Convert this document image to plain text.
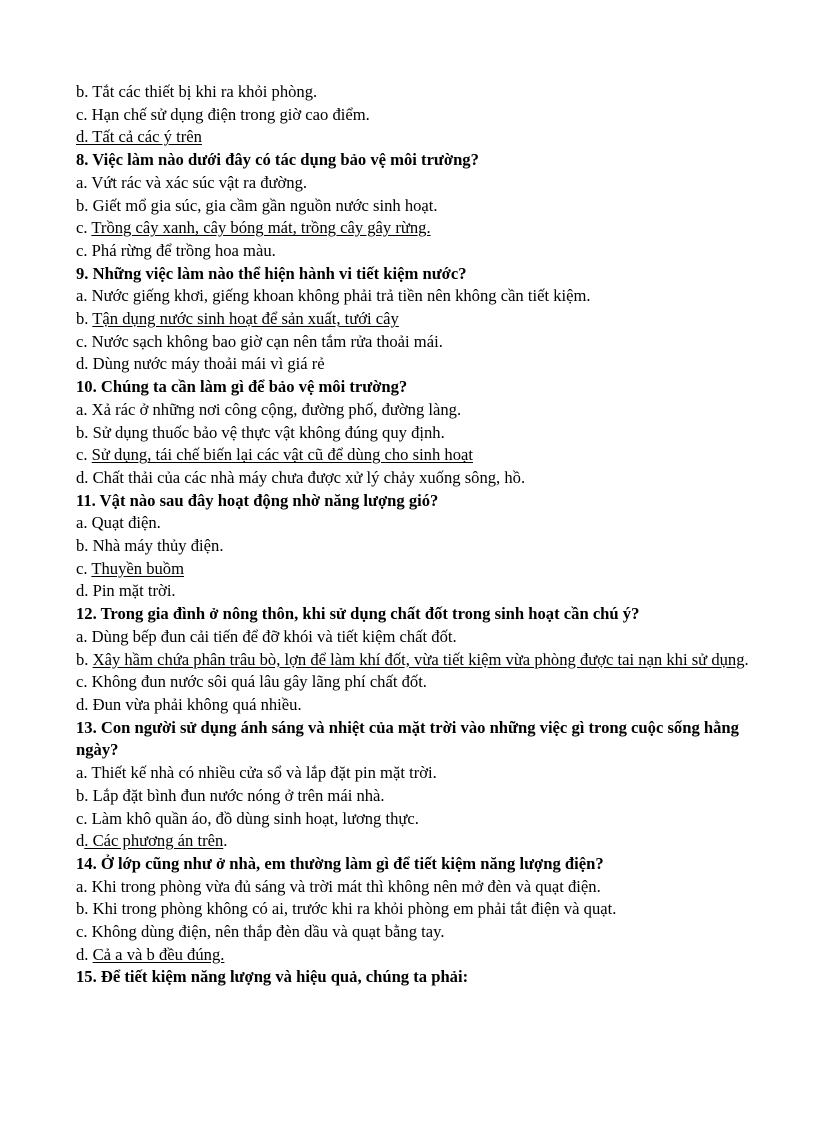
b. Tắt các thiết bị khi ra khỏi phòng.
c. Hạn chế sử dụng điện trong giờ cao điểm.
d. Tất cả các ý trên
8. Việc làm nào dưới đây có tác dụng bảo vệ môi trường?
a. Vứt rác và xác súc vật ra đường.
b. Giết mổ gia súc, gia cầm gần nguồn nước sinh hoạt.
c. Trồng cây xanh, cây bóng mát, trồng cây gây rừng.
c. Phá rừng để trồng hoa màu.
9. Những việc làm nào thể hiện hành vi tiết kiệm nước?
a. Nước giếng khơi, giếng khoan không phải trả tiền nên không cần tiết kiệm.
b. Tận dụng nước sinh hoạt để sản xuất, tưới cây
c. Nước sạch không bao giờ cạn nên tắm rửa thoải mái.
d. Dùng nước máy thoải mái vì giá rẻ
10. Chúng ta cần làm gì để bảo vệ môi trường?
a. Xả rác ở những nơi công cộng, đường phố, đường làng.
b. Sử dụng thuốc bảo vệ thực vật không đúng quy định.
c. Sử dụng, tái chế biến lại các vật cũ để dùng cho sinh hoạt
d. Chất thải của các nhà máy chưa được xử lý chảy xuống sông, hồ.
11. Vật nào sau đây hoạt động nhờ năng lượng gió?
a. Quạt điện.
b. Nhà máy thủy điện.
c. Thuyền buồm
d. Pin mặt trời.
12. Trong gia đình ở nông thôn, khi sử dụng chất đốt trong sinh hoạt cần chú ý?
a. Dùng bếp đun cải tiến để đỡ khói và tiết kiệm chất đốt.
b. Xây hầm chứa phân trâu bò, lợn để làm khí đốt, vừa tiết kiệm vừa phòng được tai nạn khi sử dụng.
c. Không đun nước sôi quá lâu gây lãng phí chất đốt.
d. Đun vừa phải không quá nhiều.
13. Con người sử dụng ánh sáng và nhiệt của mặt trời vào những việc gì trong cuộc sống hằng ngày?
a. Thiết kế nhà có nhiều cửa sổ và lắp đặt pin mặt trời.
b. Lắp đặt bình đun nước nóng ở trên mái nhà.
c. Làm khô quần áo, đồ dùng sinh hoạt, lương thực.
d. Các phương án trên.
14. Ở lớp cũng như ở nhà, em thường làm gì để tiết kiệm năng lượng điện?
a. Khi trong phòng vừa đủ sáng và trời mát thì không nên mở đèn và quạt điện.
b. Khi trong phòng không có ai, trước khi ra khỏi phòng em phải tắt điện và quạt.
c. Không dùng điện, nên thắp đèn dầu và quạt bằng tay.
d. Cả a và b đều đúng.
15. Để tiết kiệm năng lượng và hiệu quả, chúng ta phải:
